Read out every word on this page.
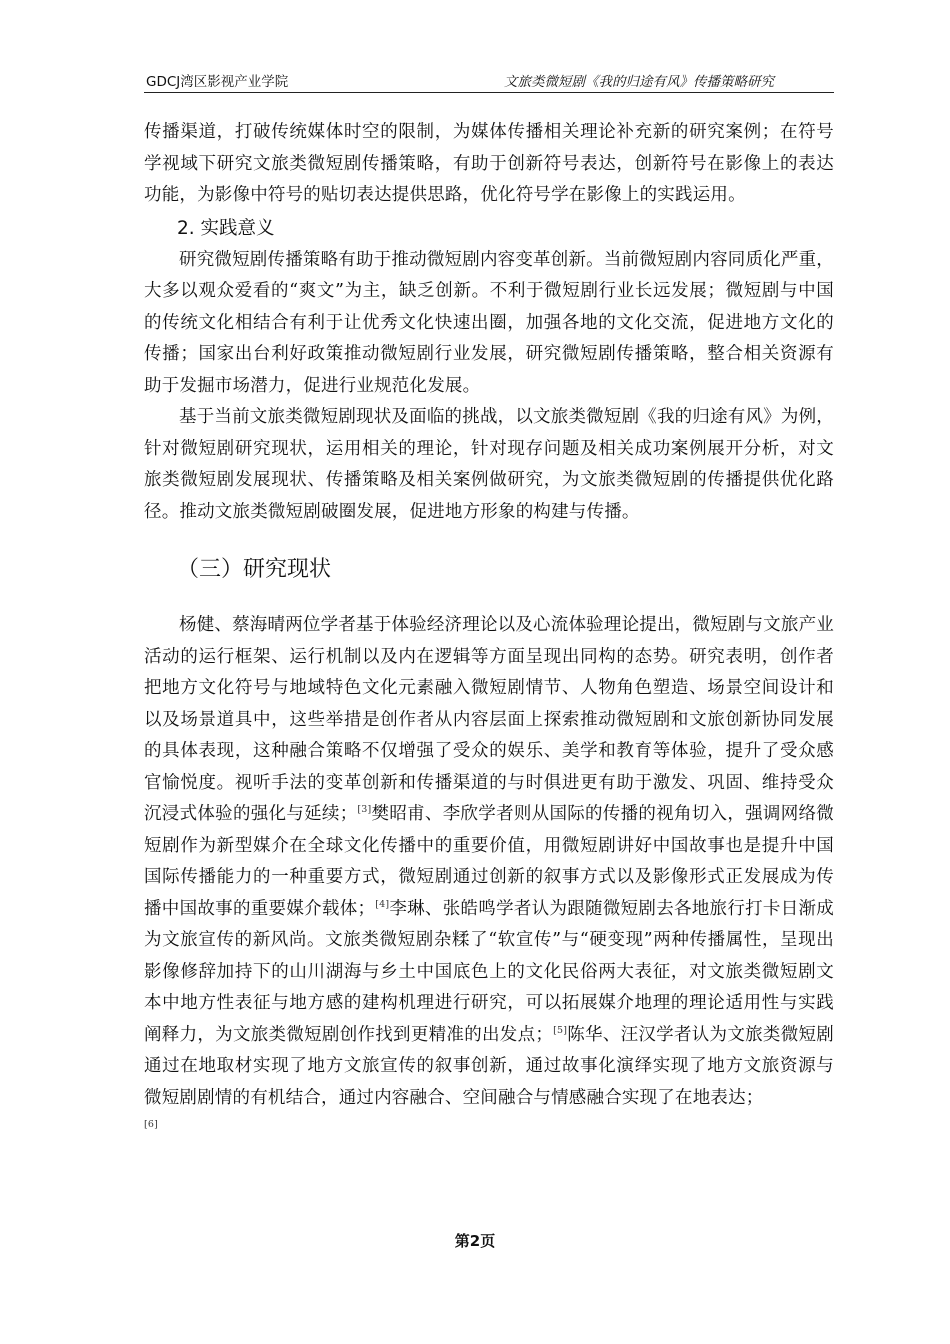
GDCJ湾区影视产业学院	文旅类微短剧《我的归途有风》传播策略研究

传播渠道，打破传统媒体时空的限制，为媒体传播相关理论补充新的研究案例；在符号学视域下研究文旅类微短剧传播策略，有助于创新符号表达，创新符号在影像上的表达功能，为影像中符号的贴切表达提供思路，优化符号学在影像上的实践运用。

2. 实践意义

研究微短剧传播策略有助于推动微短剧内容变革创新。当前微短剧内容同质化严重，大多以观众爱看的“爽文”为主，缺乏创新。不利于微短剧行业长远发展；微短剧与中国的传统文化相结合有利于让优秀文化快速出圈，加强各地的文化交流，促进地方文化的传播；国家出台利好政策推动微短剧行业发展，研究微短剧传播策略，整合相关资源有助于发掘市场潜力，促进行业规范化发展。

基于当前文旅类微短剧现状及面临的挑战，以文旅类微短剧《我的归途有风》为例，针对微短剧研究现状，运用相关的理论，针对现存问题及相关成功案例展开分析，对文旅类微短剧发展现状、传播策略及相关案例做研究，为文旅类微短剧的传播提供优化路径。推动文旅类微短剧破圈发展，促进地方形象的构建与传播。

（三）研究现状

杨健、蔡海晴两位学者基于体验经济理论以及心流体验理论提出，微短剧与文旅产业活动的运行框架、运行机制以及内在逻辑等方面呈现出同构的态势。研究表明，创作者把地方文化符号与地域特色文化元素融入微短剧情节、人物角色塑造、场景空间设计和以及场景道具中，这些举措是创作者从内容层面上探索推动微短剧和文旅创新协同发展的具体表现，这种融合策略不仅增强了受众的娱乐、美学和教育等体验，提升了受众感官愉悦度。视听手法的变革创新和传播渠道的与时俱进更有助于激发、巩固、维持受众沉浸式体验的强化与延续；[3]樊昭甫、李欣学者则从国际的传播的视角切入，强调网络微短剧作为新型媒介在全球文化传播中的重要价值，用微短剧讲好中国故事也是提升中国国际传播能力的一种重要方式，微短剧通过创新的叙事方式以及影像形式正发展成为传播中国故事的重要媒介载体；[4]李琳、张皓鸣学者认为跟随微短剧去各地旅行打卡日渐成为文旅宣传的新风尚。文旅类微短剧杂糅了“软宣传”与“硬变现”两种传播属性，呈现出影像修辞加持下的山川湖海与乡土中国底色上的文化民俗两大表征，对文旅类微短剧文本中地方性表征与地方感的建构机理进行研究，可以拓展媒介地理的理论适用性与实践阐释力，为文旅类微短剧创作找到更精准的出发点；[5]陈华、汪汉学者认为文旅类微短剧通过在地取材实现了地方文旅宣传的叙事创新，通过故事化演绎实现了地方文旅资源与微短剧剧情的有机结合，通过内容融合、空间融合与情感融合实现了在地表达；
[6]

第2页
